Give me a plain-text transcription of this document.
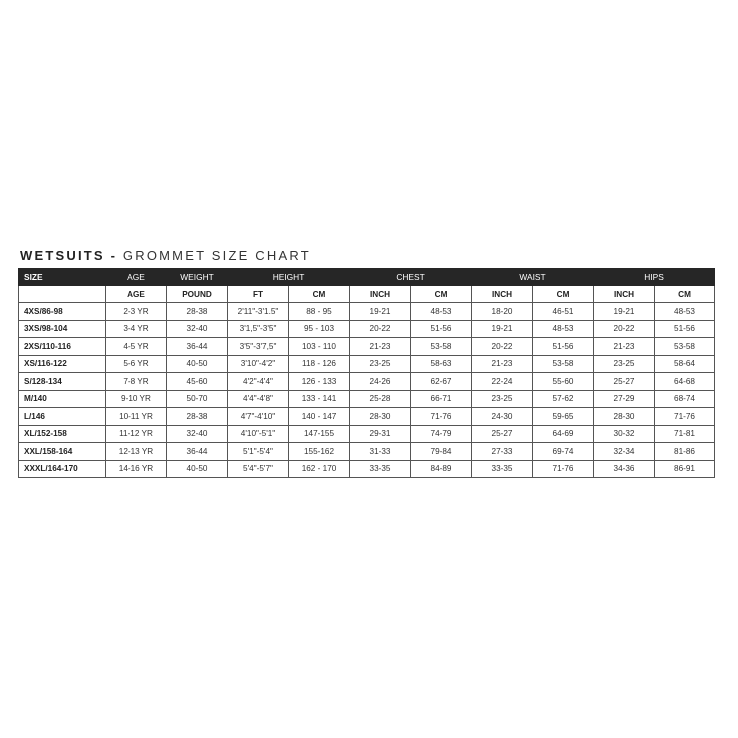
WETSUITS - GROMMET SIZE CHART
SIZE	AGE	WEIGHT	HEIGHT		CHEST		WAIST		HIPS	
	AGE	POUND	FT	CM	INCH	CM	INCH	CM	INCH	CM
4XS/86-98	2-3 YR	28-38	2'11"-3'1.5"	88 - 95	19-21	48-53	18-20	46-51	19-21	48-53
3XS/98-104	3-4 YR	32-40	3'1,5"-3'5"	95 - 103	20-22	51-56	19-21	48-53	20-22	51-56
2XS/110-116	4-5 YR	36-44	3'5"-3'7,5"	103 - 110	21-23	53-58	20-22	51-56	21-23	53-58
XS/116-122	5-6 YR	40-50	3'10"-4'2"	118 - 126	23-25	58-63	21-23	53-58	23-25	58-64
S/128-134	7-8 YR	45-60	4'2"-4'4"	126 - 133	24-26	62-67	22-24	55-60	25-27	64-68
M/140	9-10 YR	50-70	4'4"-4'8"	133 - 141	25-28	66-71	23-25	57-62	27-29	68-74
L/146	10-11 YR	28-38	4'7"-4'10"	140 - 147	28-30	71-76	24-30	59-65	28-30	71-76
XL/152-158	11-12 YR	32-40	4'10"-5'1"	147-155	29-31	74-79	25-27	64-69	30-32	71-81
XXL/158-164	12-13 YR	36-44	5'1"-5'4"	155-162	31-33	79-84	27-33	69-74	32-34	81-86
XXXL/164-170	14-16 YR	40-50	5'4"-5'7"	162 - 170	33-35	84-89	33-35	71-76	34-36	86-91
